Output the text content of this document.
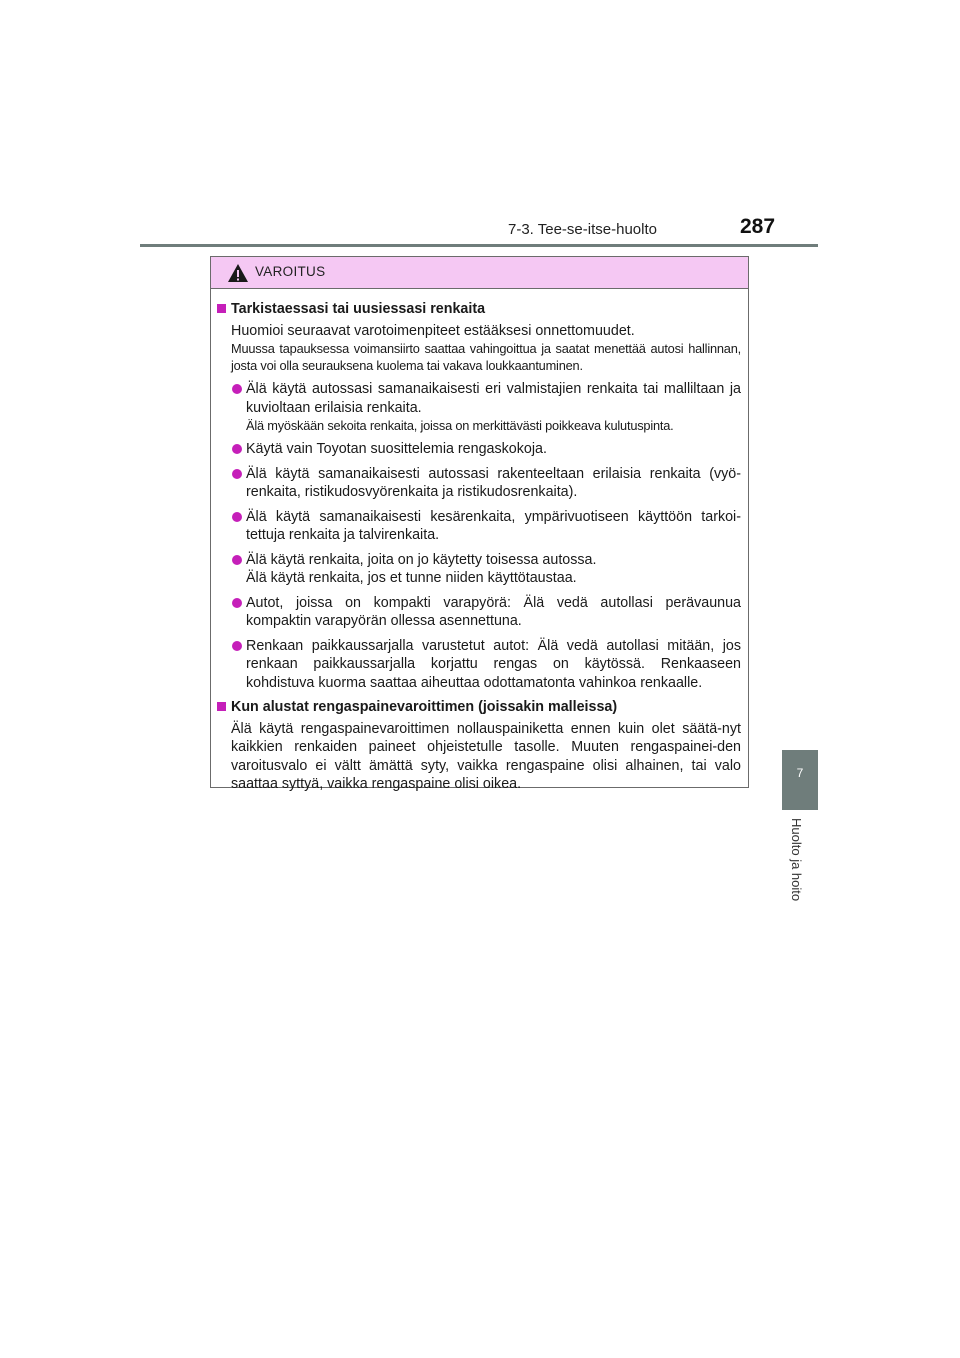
7-3. Tee-se-itse-huolto	287
7
Huolto ja hoito
VAROITUS
Tarkistaessasi tai uusiessasi renkaita
Huomioi seuraavat varotoimenpiteet estääksesi onnettomuudet.
Muussa tapauksessa voimansiirto saattaa vahingoittua ja saatat menettää autosi hallinnan, josta voi olla seurauksena kuolema tai vakava loukkaantuminen.
Älä käytä autossasi samanaikaisesti eri valmistajien renkaita tai malliltaan ja kuvioltaan erilaisia renkaita.
Älä myöskään sekoita renkaita, joissa on merkittävästi poikkeava kulutuspinta.
Käytä vain Toyotan suosittelemia rengaskokoja.
Älä käytä samanaikaisesti autossasi rakenteeltaan erilaisia renkaita (vyö-renkaita, ristikudosvyörenkaita ja ristikudosrenkaita).
Älä käytä samanaikaisesti kesärenkaita, ympärivuotiseen käyttöön tarkoi-tettuja renkaita ja talvirenkaita.
Älä käytä renkaita, joita on jo käytetty toisessa autossa.
Älä käytä renkaita, jos et tunne niiden käyttötaustaa.
Autot, joissa on kompakti varapyörä: Älä vedä autollasi perävaunua kompaktin varapyörän ollessa asennettuna.
Renkaan paikkaussarjalla varustetut autot: Älä vedä autollasi mitään, jos renkaan paikkaussarjalla korjattu rengas on käytössä. Renkaaseen
kohdistuva kuorma saattaa aiheuttaa odottamatonta vahinkoa renkaalle.
Kun alustat rengaspainevaroittimen (joissakin malleissa)
Älä käytä rengaspainevaroittimen nollauspainiketta ennen kuin olet säätä-nyt kaikkien renkaiden paineet ohjeistetulle tasolle. Muuten rengaspainei-den varoitusvalo ei vältt ämättä syty, vaikka rengaspaine olisi alhainen, tai valo saattaa syttyä, vaikka rengaspaine olisi oikea.
